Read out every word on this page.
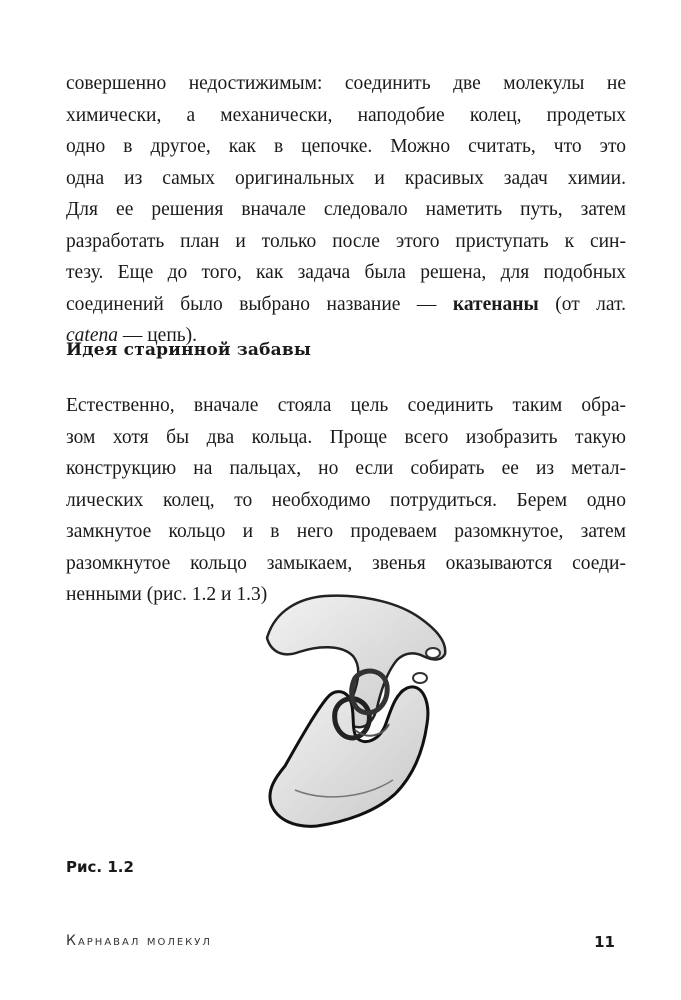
совершенно недостижимым: соединить две молекулы не
химически, а механически, наподобие колец, продетых
одно в другое, как в цепочке. Можно считать, что это
одна из самых оригинальных и красивых задач химии.
Для ее решения вначале следовало наметить путь, затем
разработать план и только после этого приступать к син-
тезу. Еще до того, как задача была решена, для подобных
соединений было выбрано название — катенаны (от лат.
catena — цепь).
Идея старинной забавы
Естественно, вначале стояла цель соединить таким обра-
зом хотя бы два кольца. Проще всего изобразить такую
конструкцию на пальцах, но если собирать ее из метал-
лических колец, то необходимо потрудиться. Берем одно
замкнутое кольцо и в него продеваем разомкнутое, затем
разомкнутое кольцо замыкаем, звенья оказываются соеди-
ненными (рис. 1.2 и 1.3)
Рис. 1.2
Карнавал молекул	11
